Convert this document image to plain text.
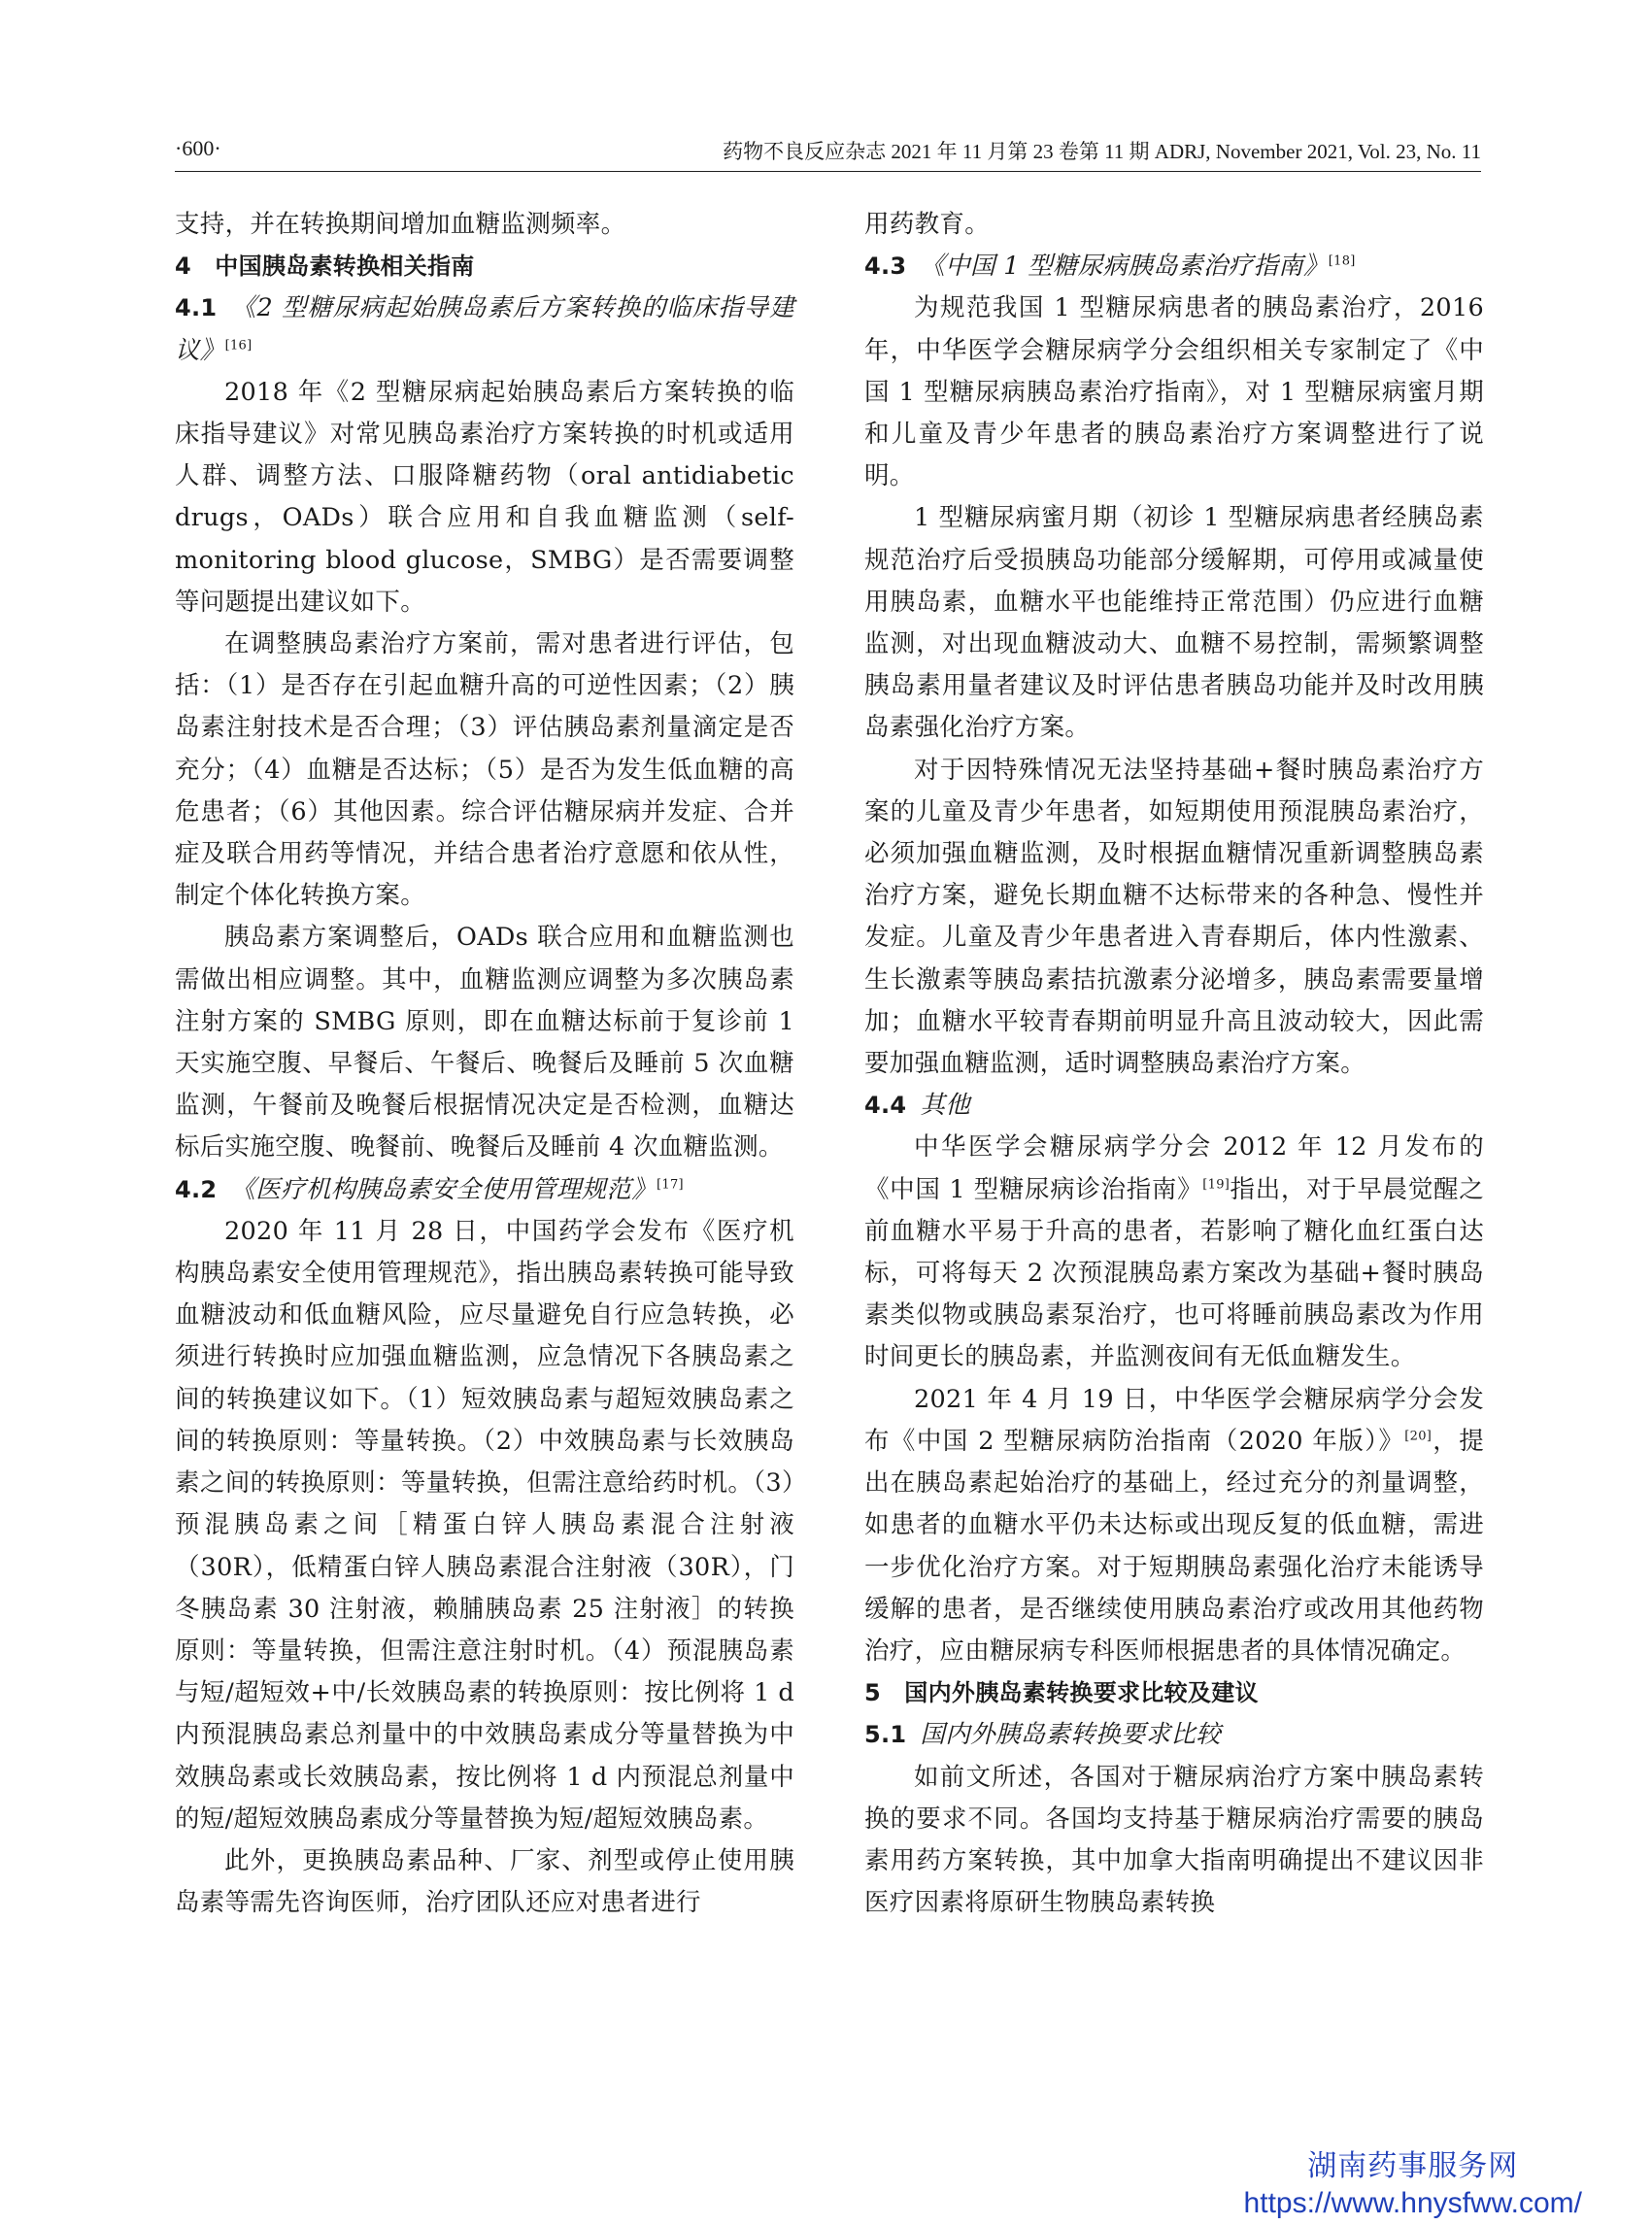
·600·	药物不良反应杂志 2021 年 11 月第 23 卷第 11 期 ADRJ, November 2021, Vol. 23, No. 11

支持，并在转换期间增加血糖监测频率。

4　中国胰岛素转换相关指南

4.1 《2 型糖尿病起始胰岛素后方案转换的临床指导建议》[16]

2018 年《2 型糖尿病起始胰岛素后方案转换的临床指导建议》对常见胰岛素治疗方案转换的时机或适用人群、调整方法、口服降糖药物（oral antidiabetic drugs，OADs）联合应用和自我血糖监测（self-monitoring blood glucose，SMBG）是否需要调整等问题提出建议如下。

在调整胰岛素治疗方案前，需对患者进行评估，包括：（1）是否存在引起血糖升高的可逆性因素；（2）胰岛素注射技术是否合理；（3）评估胰岛素剂量滴定是否充分；（4）血糖是否达标；（5）是否为发生低血糖的高危患者；（6）其他因素。综合评估糖尿病并发症、合并症及联合用药等情况，并结合患者治疗意愿和依从性，制定个体化转换方案。

胰岛素方案调整后，OADs 联合应用和血糖监测也需做出相应调整。其中，血糖监测应调整为多次胰岛素注射方案的 SMBG 原则，即在血糖达标前于复诊前 1 天实施空腹、早餐后、午餐后、晚餐后及睡前 5 次血糖监测，午餐前及晚餐后根据情况决定是否检测，血糖达标后实施空腹、晚餐前、晚餐后及睡前 4 次血糖监测。

4.2 《医疗机构胰岛素安全使用管理规范》[17]

2020 年 11 月 28 日，中国药学会发布《医疗机构胰岛素安全使用管理规范》，指出胰岛素转换可能导致血糖波动和低血糖风险，应尽量避免自行应急转换，必须进行转换时应加强血糖监测，应急情况下各胰岛素之间的转换建议如下。（1）短效胰岛素与超短效胰岛素之间的转换原则：等量转换。（2）中效胰岛素与长效胰岛素之间的转换原则：等量转换，但需注意给药时机。（3）预混胰岛素之间［精蛋白锌人胰岛素混合注射液（30R），低精蛋白锌人胰岛素混合注射液（30R），门冬胰岛素 30 注射液，赖脯胰岛素 25 注射液］的转换原则：等量转换，但需注意注射时机。（4）预混胰岛素与短/超短效+中/长效胰岛素的转换原则：按比例将 1 d 内预混胰岛素总剂量中的中效胰岛素成分等量替换为中效胰岛素或长效胰岛素，按比例将 1 d 内预混总剂量中的短/超短效胰岛素成分等量替换为短/超短效胰岛素。

此外，更换胰岛素品种、厂家、剂型或停止使用胰岛素等需先咨询医师，治疗团队还应对患者进行

用药教育。

4.3 《中国 1 型糖尿病胰岛素治疗指南》[18]

为规范我国 1 型糖尿病患者的胰岛素治疗，2016 年，中华医学会糖尿病学分会组织相关专家制定了《中国 1 型糖尿病胰岛素治疗指南》，对 1 型糖尿病蜜月期和儿童及青少年患者的胰岛素治疗方案调整进行了说明。

1 型糖尿病蜜月期（初诊 1 型糖尿病患者经胰岛素规范治疗后受损胰岛功能部分缓解期，可停用或减量使用胰岛素，血糖水平也能维持正常范围）仍应进行血糖监测，对出现血糖波动大、血糖不易控制，需频繁调整胰岛素用量者建议及时评估患者胰岛功能并及时改用胰岛素强化治疗方案。

对于因特殊情况无法坚持基础+餐时胰岛素治疗方案的儿童及青少年患者，如短期使用预混胰岛素治疗，必须加强血糖监测，及时根据血糖情况重新调整胰岛素治疗方案，避免长期血糖不达标带来的各种急、慢性并发症。儿童及青少年患者进入青春期后，体内性激素、生长激素等胰岛素拮抗激素分泌增多，胰岛素需要量增加；血糖水平较青春期前明显升高且波动较大，因此需要加强血糖监测，适时调整胰岛素治疗方案。

4.4 其他

中华医学会糖尿病学分会 2012 年 12 月发布的《中国 1 型糖尿病诊治指南》[19]指出，对于早晨觉醒之前血糖水平易于升高的患者，若影响了糖化血红蛋白达标，可将每天 2 次预混胰岛素方案改为基础+餐时胰岛素类似物或胰岛素泵治疗，也可将睡前胰岛素改为作用时间更长的胰岛素，并监测夜间有无低血糖发生。

2021 年 4 月 19 日，中华医学会糖尿病学分会发布《中国 2 型糖尿病防治指南（2020 年版）》[20]，提出在胰岛素起始治疗的基础上，经过充分的剂量调整，如患者的血糖水平仍未达标或出现反复的低血糖，需进一步优化治疗方案。对于短期胰岛素强化治疗未能诱导缓解的患者，是否继续使用胰岛素治疗或改用其他药物治疗，应由糖尿病专科医师根据患者的具体情况确定。

5　国内外胰岛素转换要求比较及建议

5.1 国内外胰岛素转换要求比较

如前文所述，各国对于糖尿病治疗方案中胰岛素转换的要求不同。各国均支持基于糖尿病治疗需要的胰岛素用药方案转换，其中加拿大指南明确提出不建议因非医疗因素将原研生物胰岛素转换

湖南药事服务网
https://www.hnysfww.com/
